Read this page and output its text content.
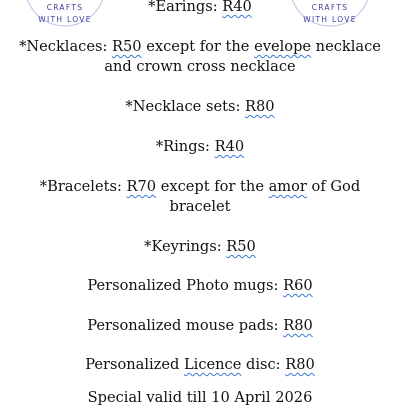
CRAFTS
WITH LOVE
CRAFTS
WITH LOVE
*Earings: R40
*Necklaces: R50 except for the evelope necklace
and crown cross necklace
*Necklace sets: R80
*Rings: R40
*Bracelets: R70 except for the amor of God
bracelet
*Keyrings: R50
Personalized Photo mugs: R60
Personalized mouse pads: R80
Personalized Licence disc: R80
Special valid till 10 April 2026
